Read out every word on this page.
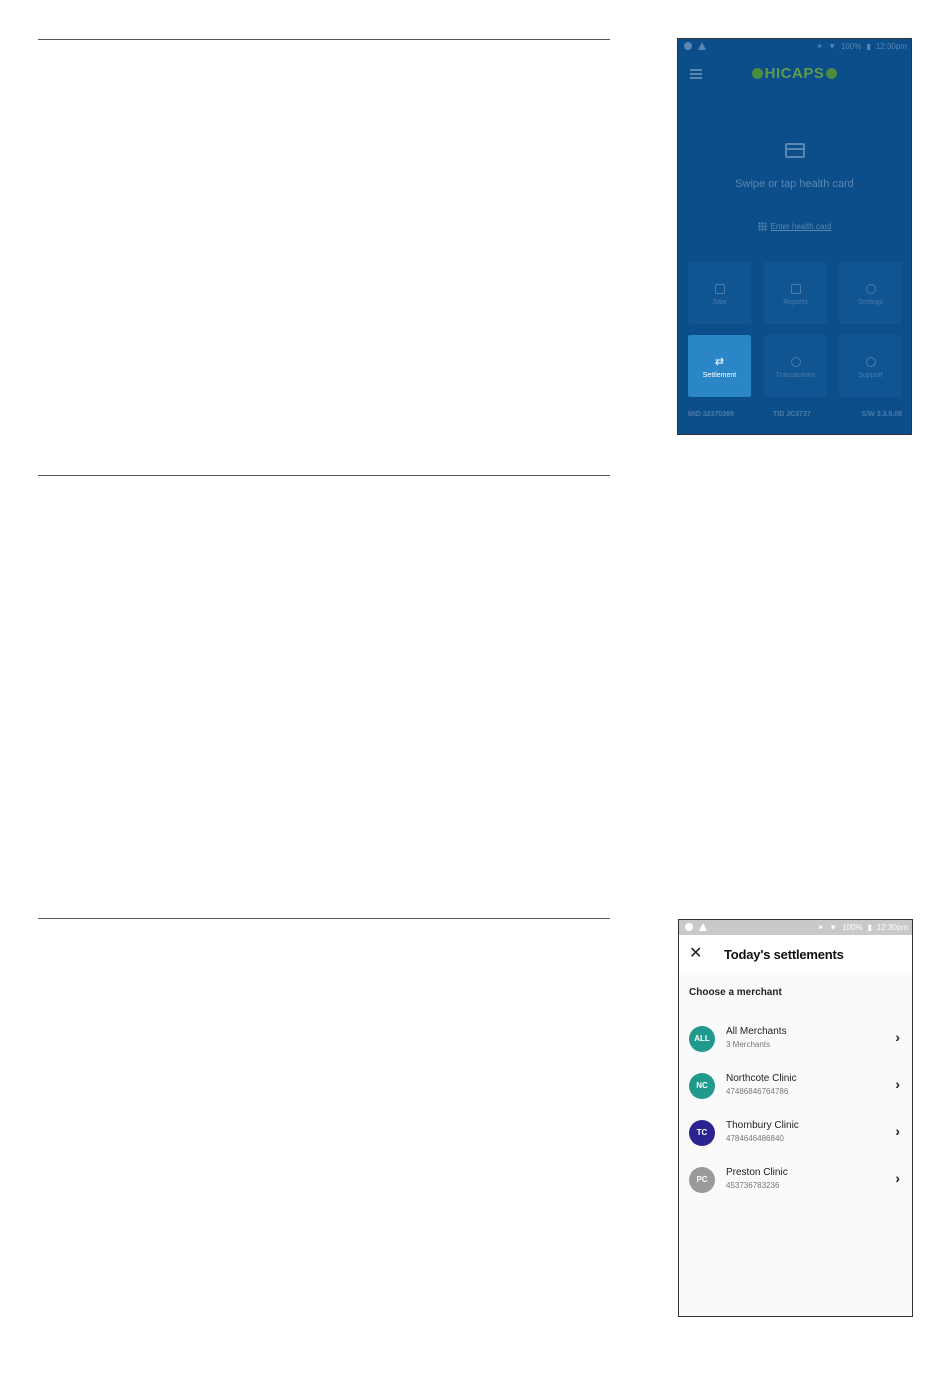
✶ ▼ 100% ▮ 12:30pm
HICAPS
Swipe or tap health card
Enter health card
Sale	Reports	Settings
⇄
Settlement	Transactions	Support
MID 32370369	TID JC3737	S/W 3.3.0.08
✶ ▼ 100% ▮ 12:30pm
✕ Today's settlements
Choose a merchant
ALL
All Merchants
3 Merchants	›
NC
Northcote Clinic
47486846764786	›
TC
Thornbury Clinic
4784646486840	›
PC
Preston Clinic
453736783236	›
